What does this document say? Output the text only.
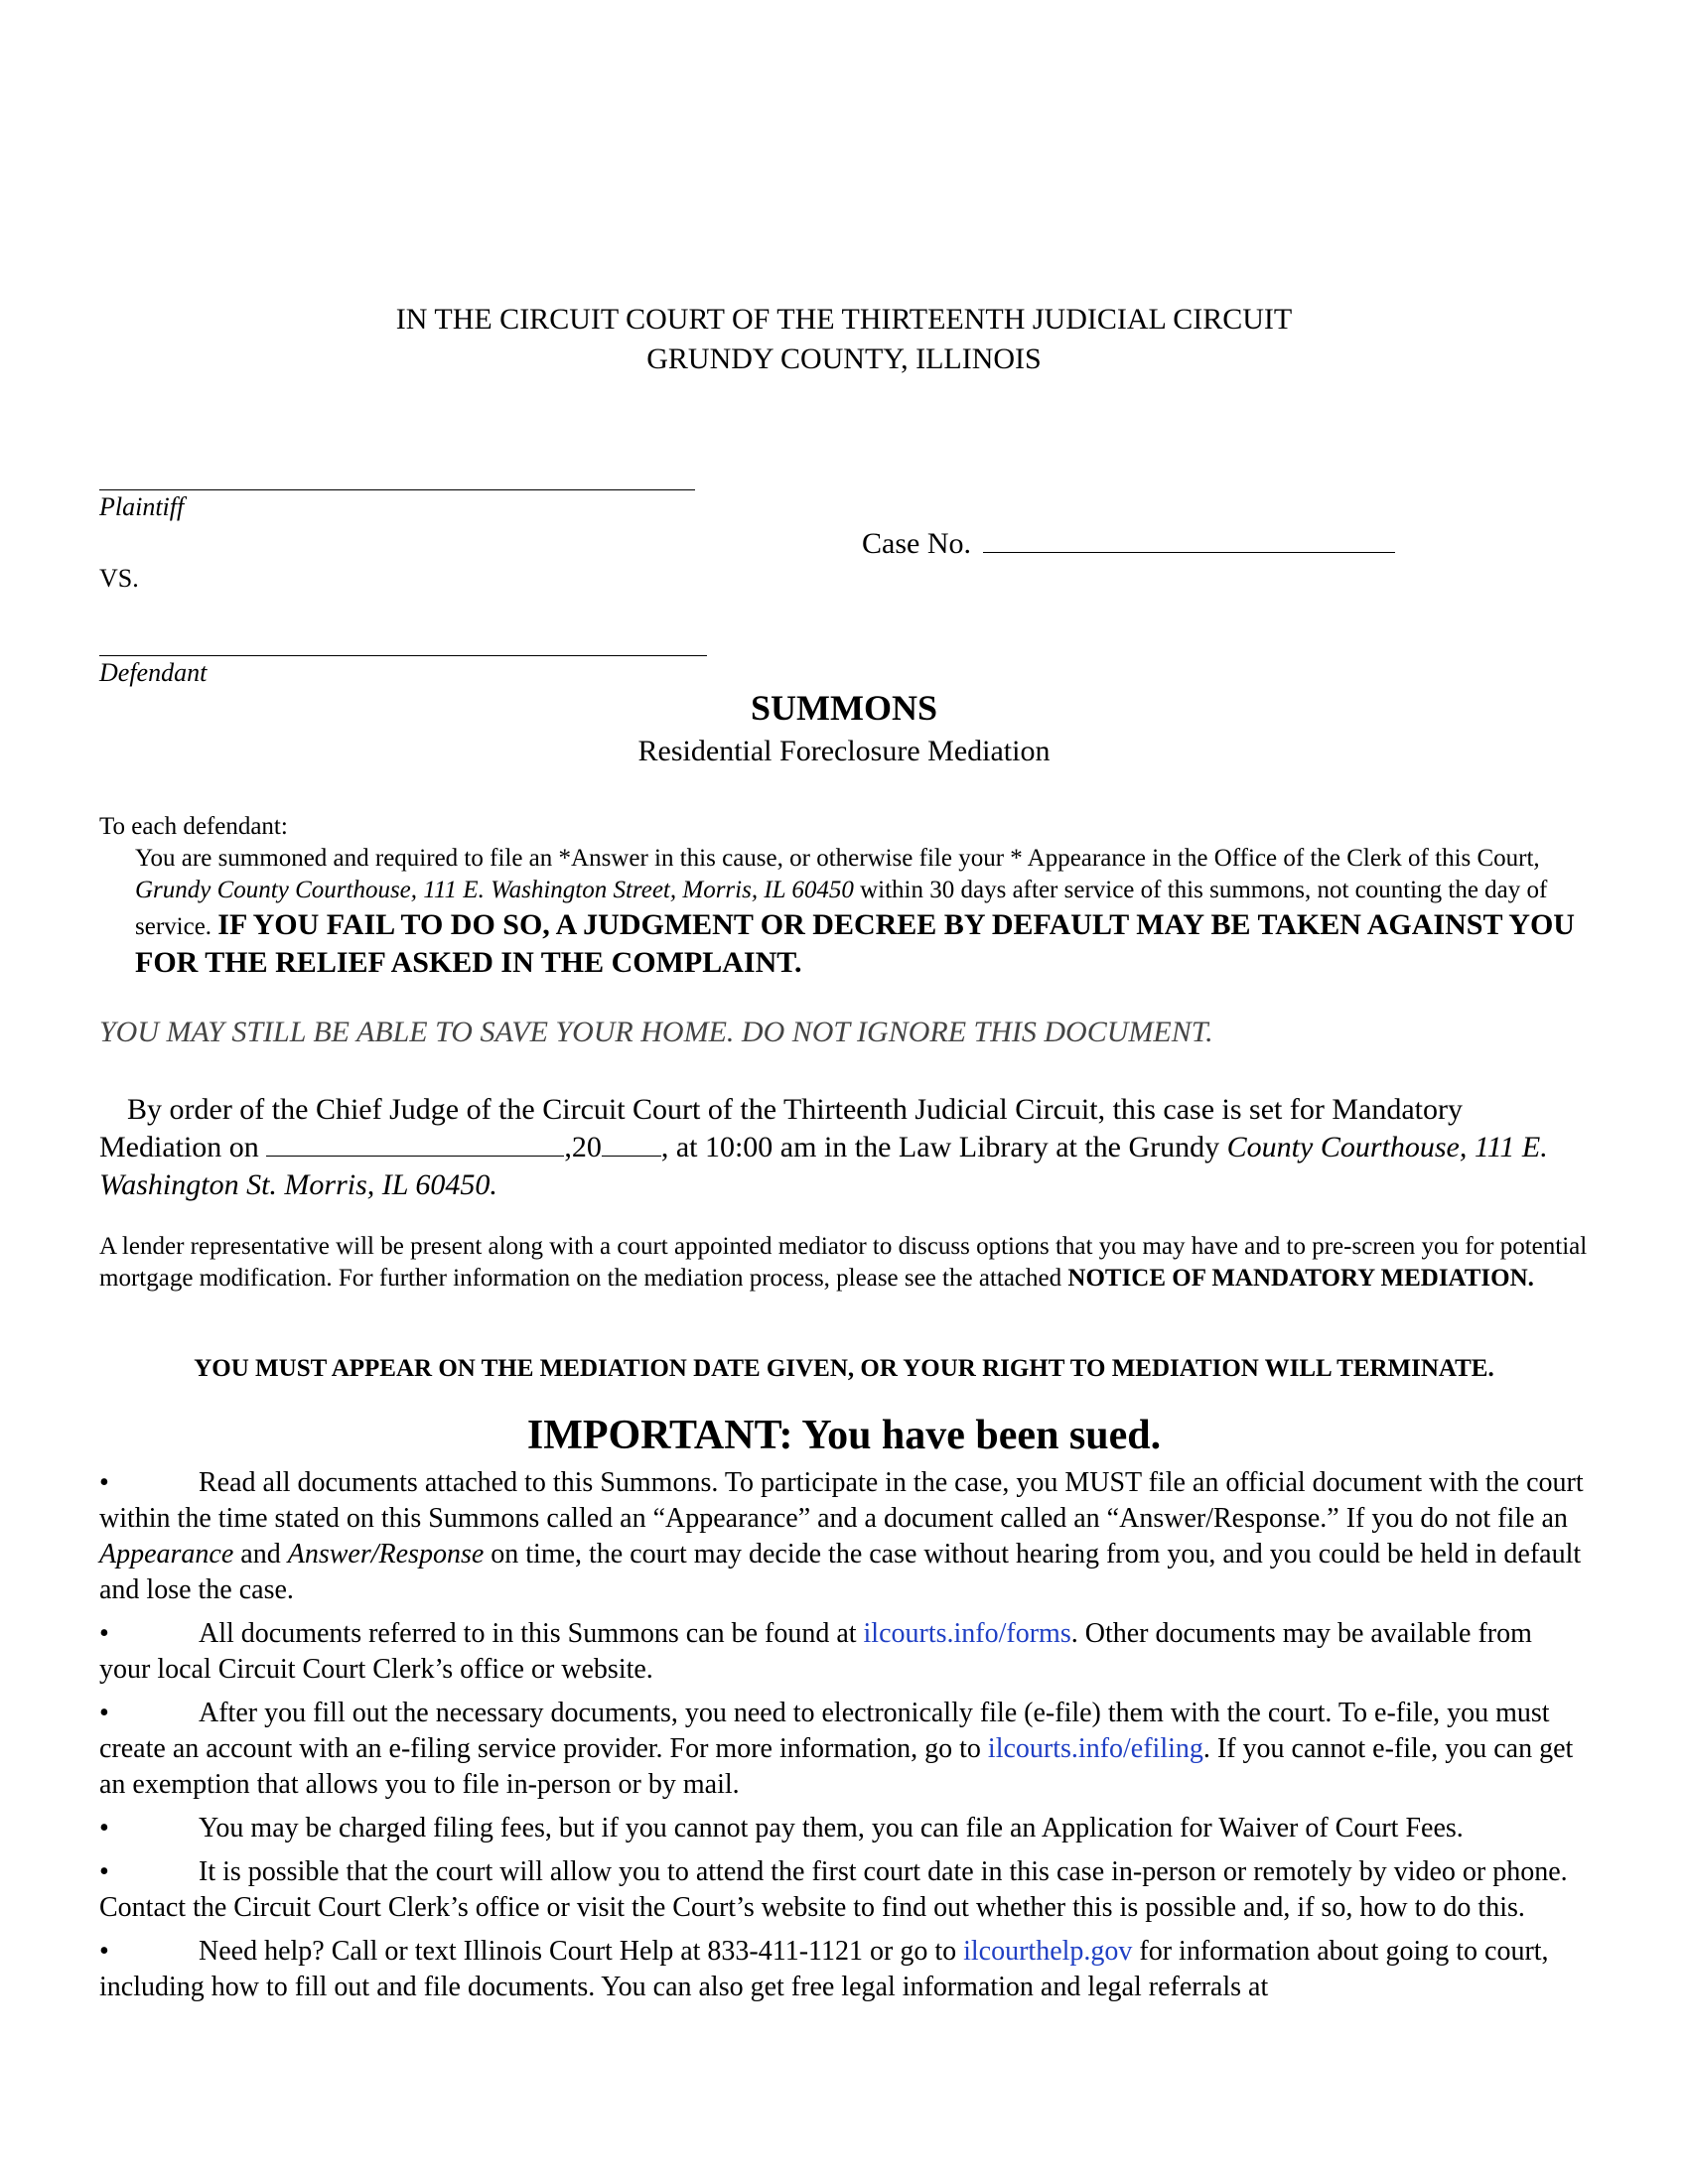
IN THE CIRCUIT COURT OF THE THIRTEENTH JUDICIAL CIRCUIT
GRUNDY COUNTY, ILLINOIS
Plaintiff
Case No.
VS.
Defendant
SUMMONS
Residential Foreclosure Mediation
To each defendant:
You are summoned and required to file an *Answer in this cause, or otherwise file your * Appearance in the Office of the Clerk of this Court, Grundy County Courthouse, 111 E. Washington Street, Morris, IL 60450 within 30 days after service of this summons, not counting the day of service. IF YOU FAIL TO DO SO, A JUDGMENT OR DECREE BY DEFAULT MAY BE TAKEN AGAINST YOU FOR THE RELIEF ASKED IN THE COMPLAINT.
YOU MAY STILL BE ABLE TO SAVE YOUR HOME. DO NOT IGNORE THIS DOCUMENT.
By order of the Chief Judge of the Circuit Court of the Thirteenth Judicial Circuit, this case is set for Mandatory Mediation on	,20 , at 10:00 am in the Law Library at the Grundy County Courthouse, 111 E. Washington St. Morris, IL 60450.
A lender representative will be present along with a court appointed mediator to discuss options that you may have and to pre-screen you for potential mortgage modification. For further information on the mediation process, please see the attached NOTICE OF MANDATORY MEDIATION.
YOU MUST APPEAR ON THE MEDIATION DATE GIVEN, OR YOUR RIGHT TO MEDIATION WILL TERMINATE.
IMPORTANT: You have been sued.
•	Read all documents attached to this Summons. To participate in the case, you MUST file an official document with the court within the time stated on this Summons called an “Appearance” and a document called an “Answer/Response.” If you do not file an Appearance and Answer/Response on time, the court may decide the case without hearing from you, and you could be held in default and lose the case.
•	All documents referred to in this Summons can be found at ilcourts.info/forms. Other documents may be available from your local Circuit Court Clerk’s office or website.
•	After you fill out the necessary documents, you need to electronically file (e-file) them with the court. To e-file, you must create an account with an e-filing service provider. For more information, go to ilcourts.info/efiling. If you cannot e-file, you can get an exemption that allows you to file in-person or by mail.
•	You may be charged filing fees, but if you cannot pay them, you can file an Application for Waiver of Court Fees.
•	It is possible that the court will allow you to attend the first court date in this case in-person or remotely by video or phone. Contact the Circuit Court Clerk’s office or visit the Court’s website to find out whether this is possible and, if so, how to do this.
•	Need help? Call or text Illinois Court Help at 833-411-1121 or go to ilcourthelp.gov for information about going to court, including how to fill out and file documents. You can also get free legal information and legal referrals at
